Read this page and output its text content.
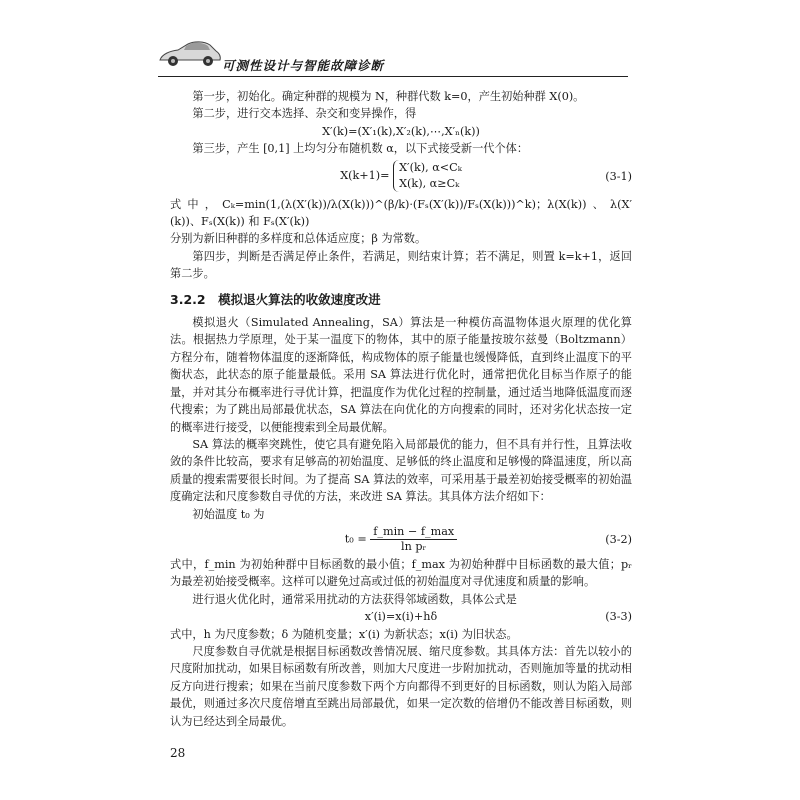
可测性设计与智能故障诊断

第一步，初始化。确定种群的规模为 N，种群代数 k=0，产生初始种群 X(0)。

第二步，进行交本选择、杂交和变异操作，得

X′(k)=(X′₁(k),X′₂(k),⋯,X′ₙ(k))

第三步，产生 [0,1] 上均匀分布随机数 α，以下式接受新一代个体：

X(k+1)=
X′(k), α<Cₖ
X(k), α≥Cₖ
(3-1)

式中，Cₖ=min(1,(λ(X′(k))/λ(X(k)))^(β/k)·(Fₛ(X′(k))/Fₛ(X(k)))^k)；λ(X(k))、λ(X′(k))、Fₛ(X(k)) 和 Fₛ(X′(k))

分别为新旧种群的多样度和总体适应度；β 为常数。

第四步，判断是否满足停止条件，若满足，则结束计算；若不满足，则置 k=k+1，返回第二步。

3.2.2　模拟退火算法的收敛速度改进

模拟退火（Simulated Annealing，SA）算法是一种模仿高温物体退火原理的优化算法。根据热力学原理，处于某一温度下的物体，其中的原子能量按玻尔兹曼（Boltzmann）方程分布，随着物体温度的逐渐降低，构成物体的原子能量也缓慢降低，直到终止温度下的平衡状态，此状态的原子能量最低。采用 SA 算法进行优化时，通常把优化目标当作原子的能量，并对其分布概率进行寻优计算，把温度作为优化过程的控制量，通过适当地降低温度而逐代搜索；为了跳出局部最优状态，SA 算法在向优化的方向搜索的同时，还对劣化状态按一定的概率进行接受，以便能搜索到全局最优解。

SA 算法的概率突跳性，使它具有避免陷入局部最优的能力，但不具有并行性，且算法收敛的条件比较高，要求有足够高的初始温度、足够低的终止温度和足够慢的降温速度，所以高质量的搜索需要很长时间。为了提高 SA 算法的效率，可采用基于最差初始接受概率的初始温度确定法和尺度参数自寻优的方法，来改进 SA 算法。其具体方法介绍如下：

初始温度 t₀ 为

$t_0 = \frac{f\_\min - f\_\max}{\text{ln pᵣ}}$	(3-2)

式中，f_min 为初始种群中目标函数的最小值；f_max 为初始种群中目标函数的最大值；pᵣ 为最差初始接受概率。这样可以避免过高或过低的初始温度对寻优速度和质量的影响。

进行退火优化时，通常采用扰动的方法获得邻域函数，具体公式是

x′(i)=x(i)+hδ	(3-3)

式中，h 为尺度参数；δ 为随机变量；x′(i) 为新状态；x(i) 为旧状态。

尺度参数自寻优就是根据目标函数改善情况展、缩尺度参数。其具体方法：首先以较小的尺度附加扰动，如果目标函数有所改善，则加大尺度进一步附加扰动，否则施加等量的扰动相反方向进行搜索；如果在当前尺度参数下两个方向都得不到更好的目标函数，则认为陷入局部最优，则通过多次尺度倍增直至跳出局部最优，如果一定次数的倍增仍不能改善目标函数，则认为已经达到全局最优。

28
